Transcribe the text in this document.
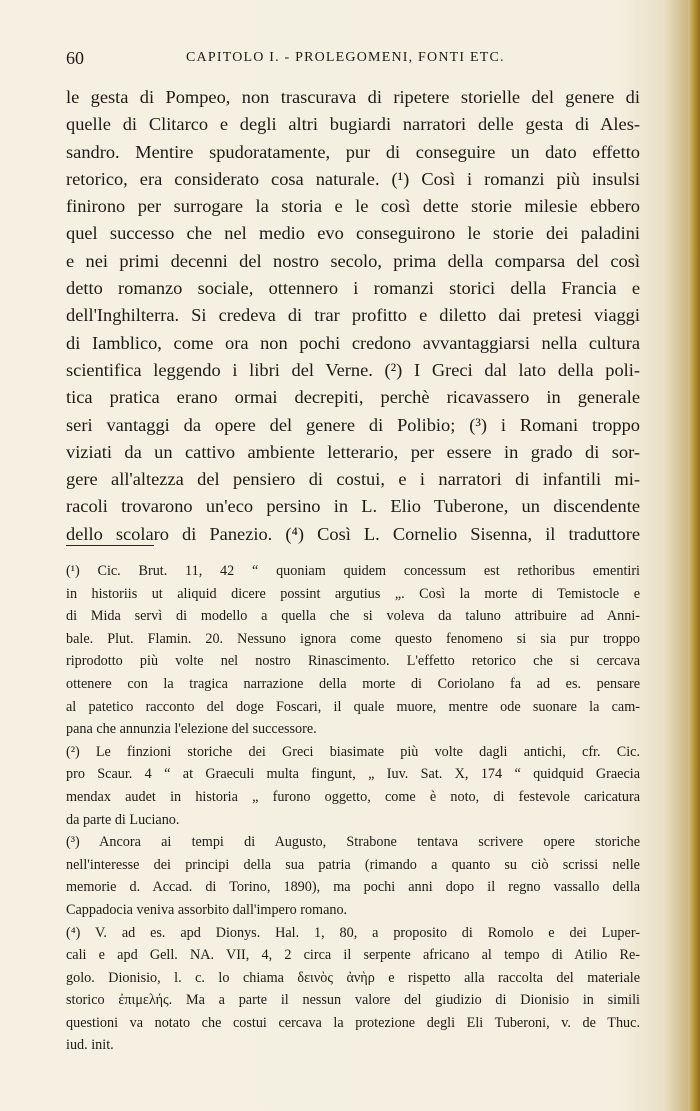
60	CAPITOLO I. - PROLEGOMENI, FONTI ETC.
le gesta di Pompeo, non trascurava di ripetere storielle del genere di
quelle di Clitarco e degli altri bugiardi narratori delle gesta di Ales-
sandro. Mentire spudoratamente, pur di conseguire un dato effetto
retorico, era considerato cosa naturale. (¹) Così i romanzi più insulsi
finirono per surrogare la storia e le così dette storie milesie ebbero
quel successo che nel medio evo conseguirono le storie dei paladini
e nei primi decenni del nostro secolo, prima della comparsa del così
detto romanzo sociale, ottennero i romanzi storici della Francia e
dell'Inghilterra. Si credeva di trar profitto e diletto dai pretesi viaggi
di Iamblico, come ora non pochi credono avvantaggiarsi nella cultura
scientifica leggendo i libri del Verne. (²) I Greci dal lato della poli-
tica pratica erano ormai decrepiti, perchè ricavassero in generale
seri vantaggi da opere del genere di Polibio; (³) i Romani troppo
viziati da un cattivo ambiente letterario, per essere in grado di sor-
gere all'altezza del pensiero di costui, e i narratori di infantili mi-
racoli trovarono un'eco persino in L. Elio Tuberone, un discendente
dello scolaro di Panezio. (⁴) Così L. Cornelio Sisenna, il traduttore
(¹) Cic. Brut. 11, 42 “ quoniam quidem concessum est rethoribus ementiri
in historiis ut aliquid dicere possint argutius „. Così la morte di Temistocle e
di Mida servì di modello a quella che si voleva da taluno attribuire ad Anni-
bale. Plut. Flamin. 20. Nessuno ignora come questo fenomeno si sia pur troppo
riprodotto più volte nel nostro Rinascimento. L'effetto retorico che si cercava
ottenere con la tragica narrazione della morte di Coriolano fa ad es. pensare
al patetico racconto del doge Foscari, il quale muore, mentre ode suonare la cam-
pana che annunzia l'elezione del successore.
(²) Le finzioni storiche dei Greci biasimate più volte dagli antichi, cfr. Cic.
pro Scaur. 4 “ at Graeculi multa fingunt, „ Iuv. Sat. X, 174 “ quidquid Graecia
mendax audet in historia „ furono oggetto, come è noto, di festevole caricatura
da parte di Luciano.
(³) Ancora ai tempi di Augusto, Strabone tentava scrivere opere storiche
nell'interesse dei principi della sua patria (rimando a quanto su ciò scrissi nelle
memorie d. Accad. di Torino, 1890), ma pochi anni dopo il regno vassallo della
Cappadocia veniva assorbito dall'impero romano.
(⁴) V. ad es. apd Dionys. Hal. 1, 80, a proposito di Romolo e dei Luper-
cali e apd Gell. NA. VII, 4, 2 circa il serpente africano al tempo di Atilio Re-
golo. Dionisio, l. c. lo chiama δεινὸς ἀνὴρ e rispetto alla raccolta del materiale
storico ἐπιμελής. Ma a parte il nessun valore del giudizio di Dionisio in simili
questioni va notato che costui cercava la protezione degli Eli Tuberoni, v. de Thuc.
iud. init.
